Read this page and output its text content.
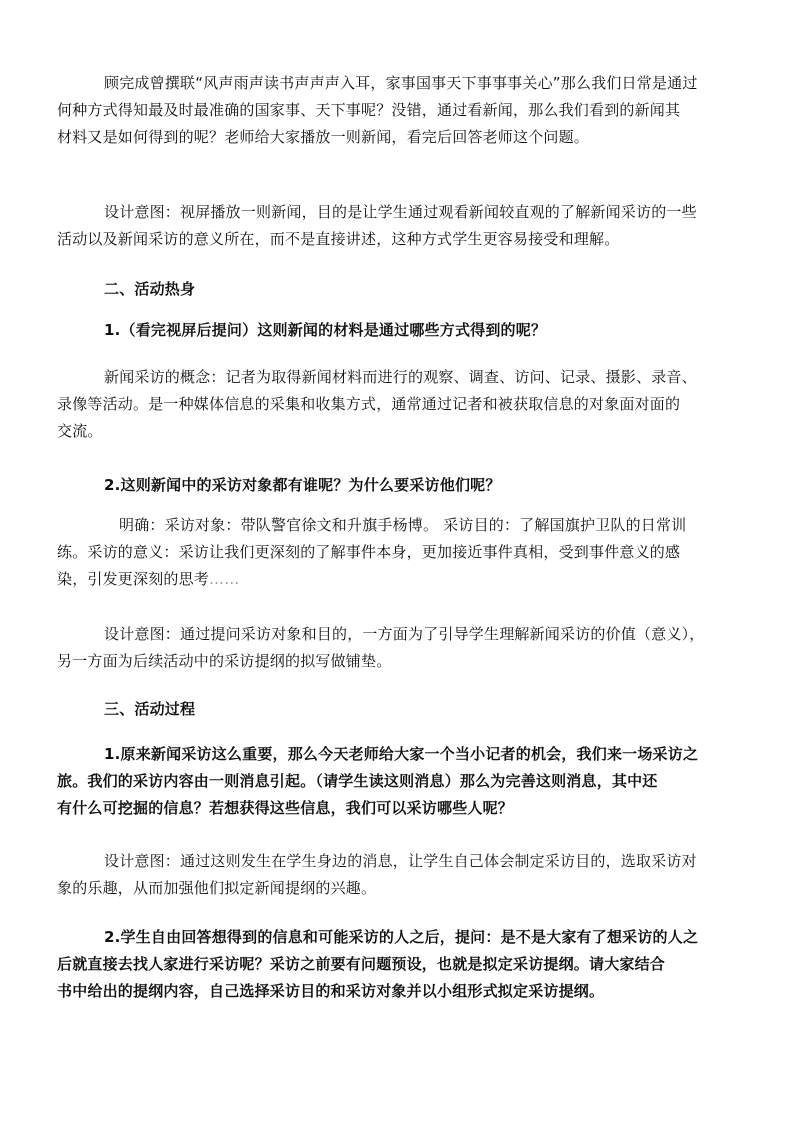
顾完成曾撰联“风声雨声读书声声声入耳，家事国事天下事事事关心”那么我们日常是通过
何种方式得知最及时最准确的国家事、天下事呢？没错，通过看新闻，那么我们看到的新闻其
材料又是如何得到的呢？老师给大家播放一则新闻，看完后回答老师这个问题。
设计意图：视屏播放一则新闻，目的是让学生通过观看新闻较直观的了解新闻采访的一些
活动以及新闻采访的意义所在，而不是直接讲述，这种方式学生更容易接受和理解。
二、活动热身
1.（看完视屏后提问）这则新闻的材料是通过哪些方式得到的呢？
新闻采访的概念：记者为取得新闻材料而进行的观察、调查、访问、记录、摄影、录音、
录像等活动。是一种媒体信息的采集和收集方式，通常通过记者和被获取信息的对象面对面的
交流。
2.这则新闻中的采访对象都有谁呢？为什么要采访他们呢？
明确：采访对象：带队警官徐文和升旗手杨博。 采访目的：了解国旗护卫队的日常训
练。采访的意义：采访让我们更深刻的了解事件本身，更加接近事件真相，受到事件意义的感
染，引发更深刻的思考……
设计意图：通过提问采访对象和目的，一方面为了引导学生理解新闻采访的价值（意义），
另一方面为后续活动中的采访提纲的拟写做铺垫。
三、活动过程
1.原来新闻采访这么重要，那么今天老师给大家一个当小记者的机会，我们来一场采访之
旅。我们的采访内容由一则消息引起。（请学生读这则消息）那么为完善这则消息，其中还
有什么可挖掘的信息？若想获得这些信息，我们可以采访哪些人呢？
设计意图：通过这则发生在学生身边的消息，让学生自己体会制定采访目的，选取采访对
象的乐趣，从而加强他们拟定新闻提纲的兴趣。
2.学生自由回答想得到的信息和可能采访的人之后，提问：是不是大家有了想采访的人之
后就直接去找人家进行采访呢？采访之前要有问题预设，也就是拟定采访提纲。请大家结合
书中给出的提纲内容，自己选择采访目的和采访对象并以小组形式拟定采访提纲。
